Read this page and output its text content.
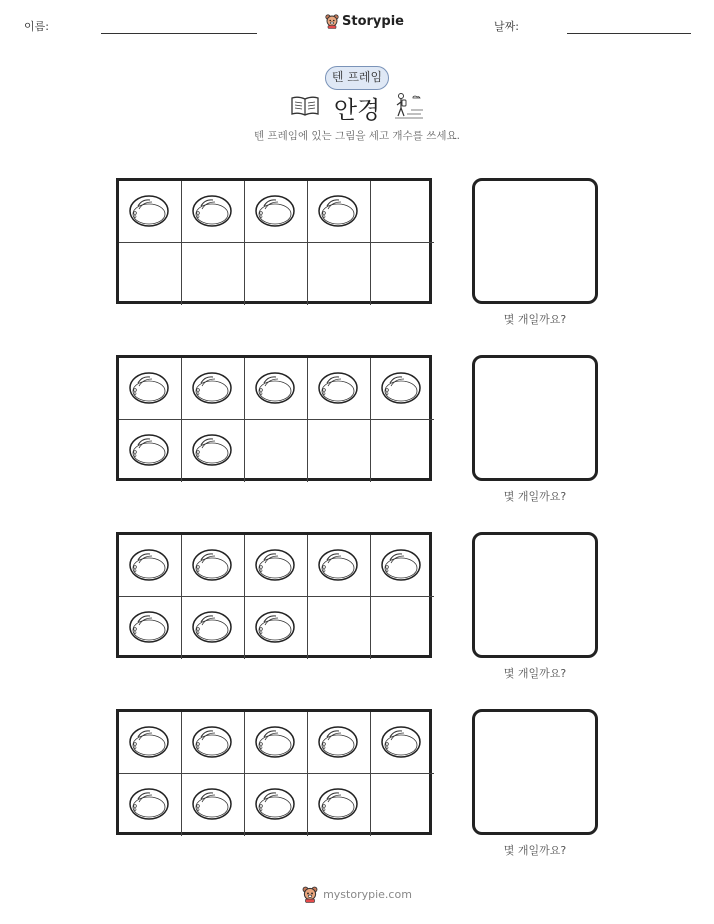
이름:	Storypie	날짜:
텐 프레임
안경
텐 프레임에 있는 그림을 세고 개수를 쓰세요.
몇 개일까요?
몇 개일까요?
몇 개일까요?
몇 개일까요?
mystorypie.com
